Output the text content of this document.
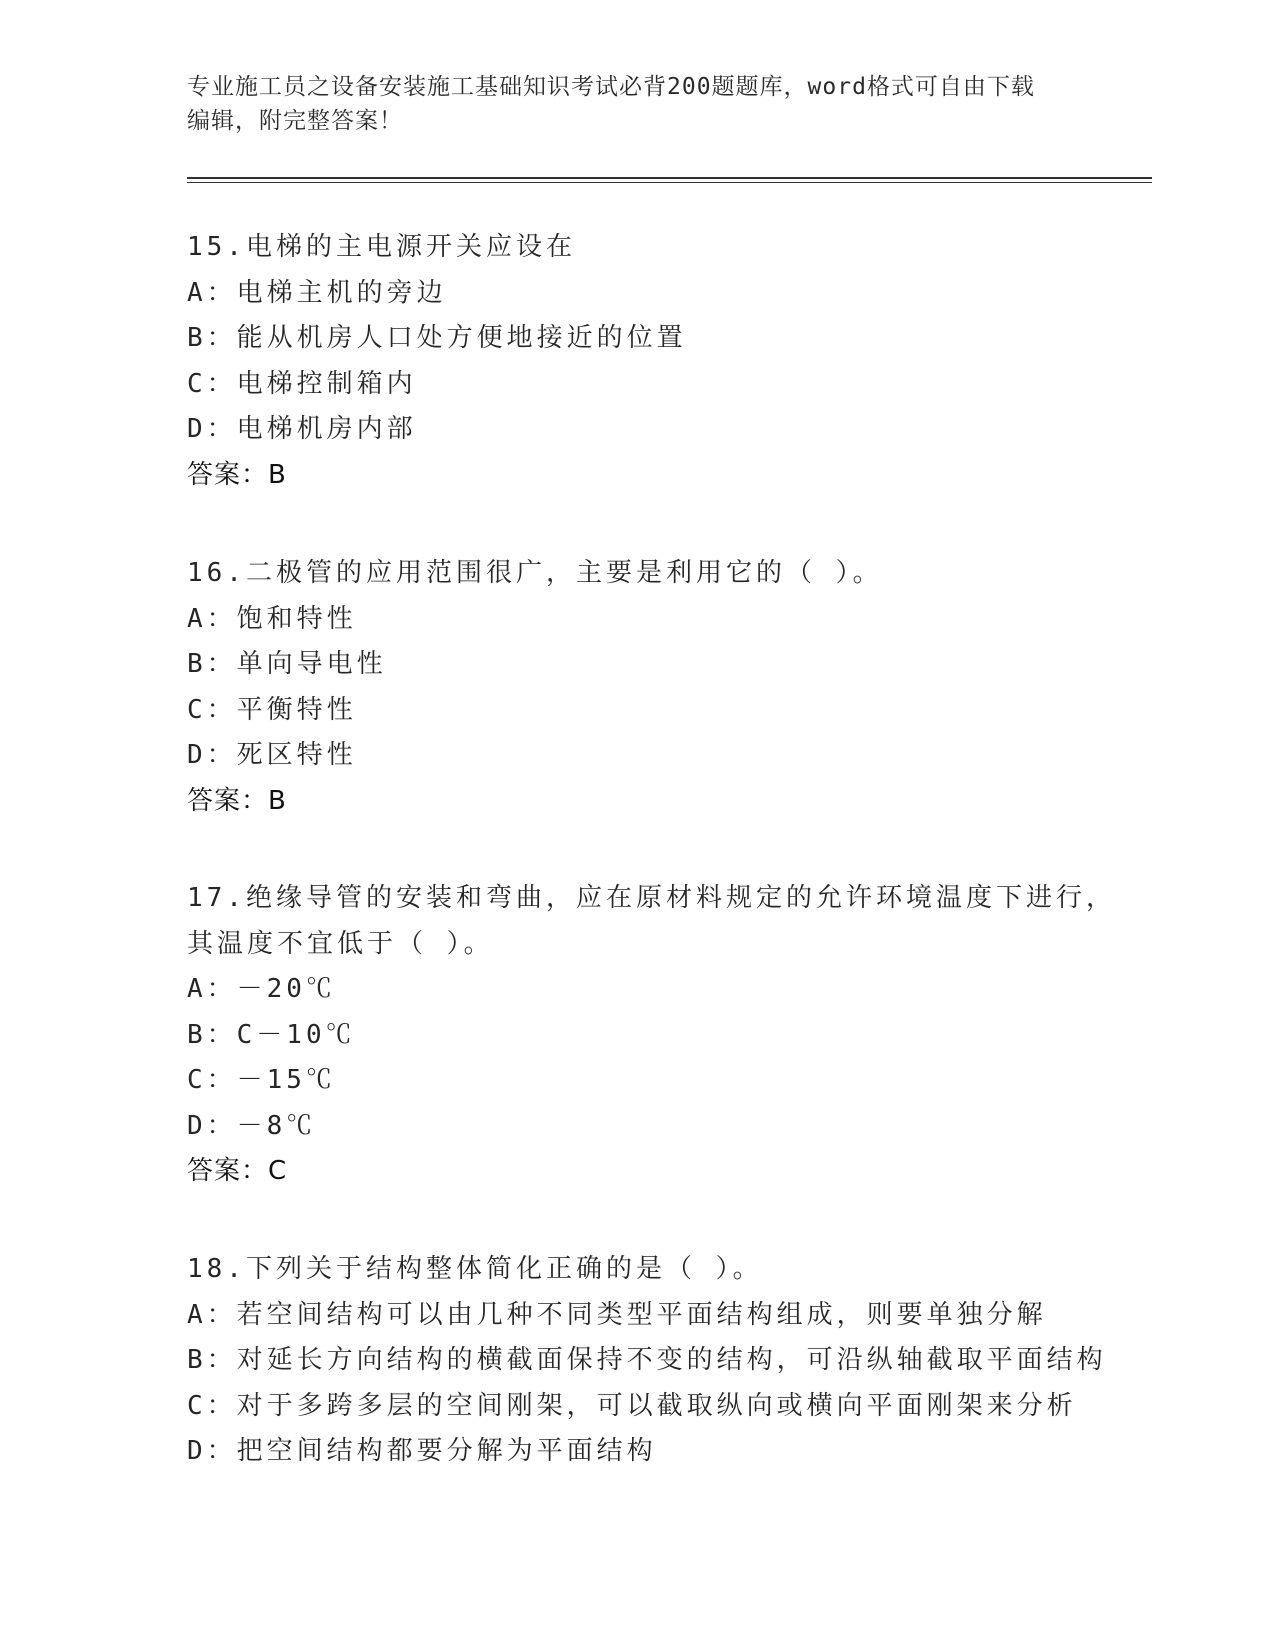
专业施工员之设备安装施工基础知识考试必背200题题库，word格式可自由下载
编辑，附完整答案！
15.电梯的主电源开关应设在
A：电梯主机的旁边
B：能从机房人口处方便地接近的位置
C：电梯控制箱内
D：电梯机房内部
答案：B
16.二极管的应用范围很广，主要是利用它的（ ）。
A：饱和特性
B：单向导电性
C：平衡特性
D：死区特性
答案：B
17.绝缘导管的安装和弯曲，应在原材料规定的允许环境温度下进行，
其温度不宜低于（ ）。
A：－20℃
B：C－10℃
C：－15℃
D：－8℃
答案：C
18.下列关于结构整体简化正确的是（ ）。
A：若空间结构可以由几种不同类型平面结构组成，则要单独分解
B：对延长方向结构的横截面保持不变的结构，可沿纵轴截取平面结构
C：对于多跨多层的空间刚架，可以截取纵向或横向平面刚架来分析
D：把空间结构都要分解为平面结构
